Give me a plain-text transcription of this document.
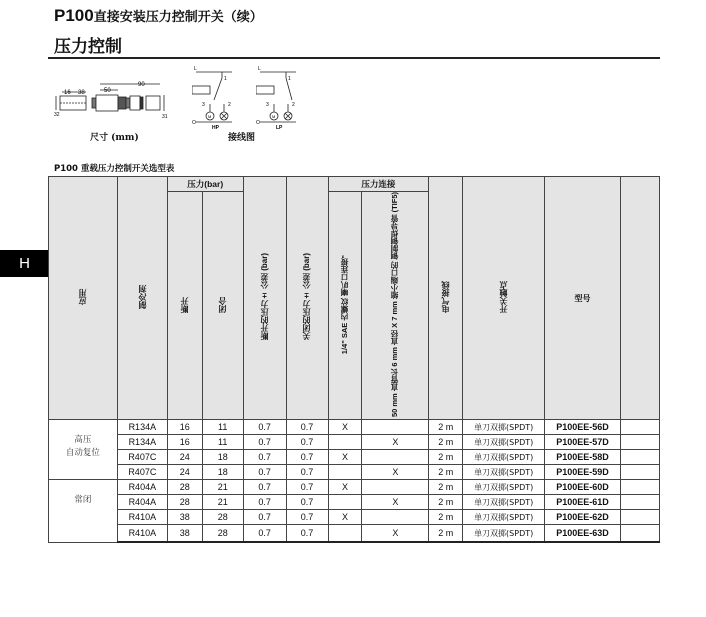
P100直接安装压力控制开关（续）
压力控制
90
50
16 38
32	31
尺寸 (mm)
L
1
3	2
M
O
HP
L
1
3	2
M
O
LP
接线图
H
P100 重载压力控制开关选型表
应用	制冷剂	压力(bar)		断开的压力± 公差 (bar)	关闭的压力± 公差 (bar)	压力连接		电气接线	开关触点	型号	
		断开	闭合			1/4" SAE 内螺纹 喇叭口连接"	50 mm 直管长 6 mm 直径 X 7 mm 缩小端口的 铜制铜焊导管 (TIF5)				

高压
自动复位	R134A	16	11	0.7	0.7	X		2 m	单刀双掷(SPDT)	P100EE-56D	
	R134A	16	11	0.7	0.7		X	2 m	单刀双掷(SPDT)	P100EE-57D	
	R407C	24	18	0.7	0.7	X		2 m	单刀双掷(SPDT)	P100EE-58D	
	R407C	24	18	0.7	0.7		X	2 m	单刀双掷(SPDT)	P100EE-59D	

常闭	R404A	28	21	0.7	0.7	X		2 m	单刀双掷(SPDT)	P100EE-60D	
	R404A	28	21	0.7	0.7		X	2 m	单刀双掷(SPDT)	P100EE-61D	
	R410A	38	28	0.7	0.7	X		2 m	单刀双掷(SPDT)	P100EE-62D	
	R410A	38	28	0.7	0.7		X	2 m	单刀双掷(SPDT)	P100EE-63D	
